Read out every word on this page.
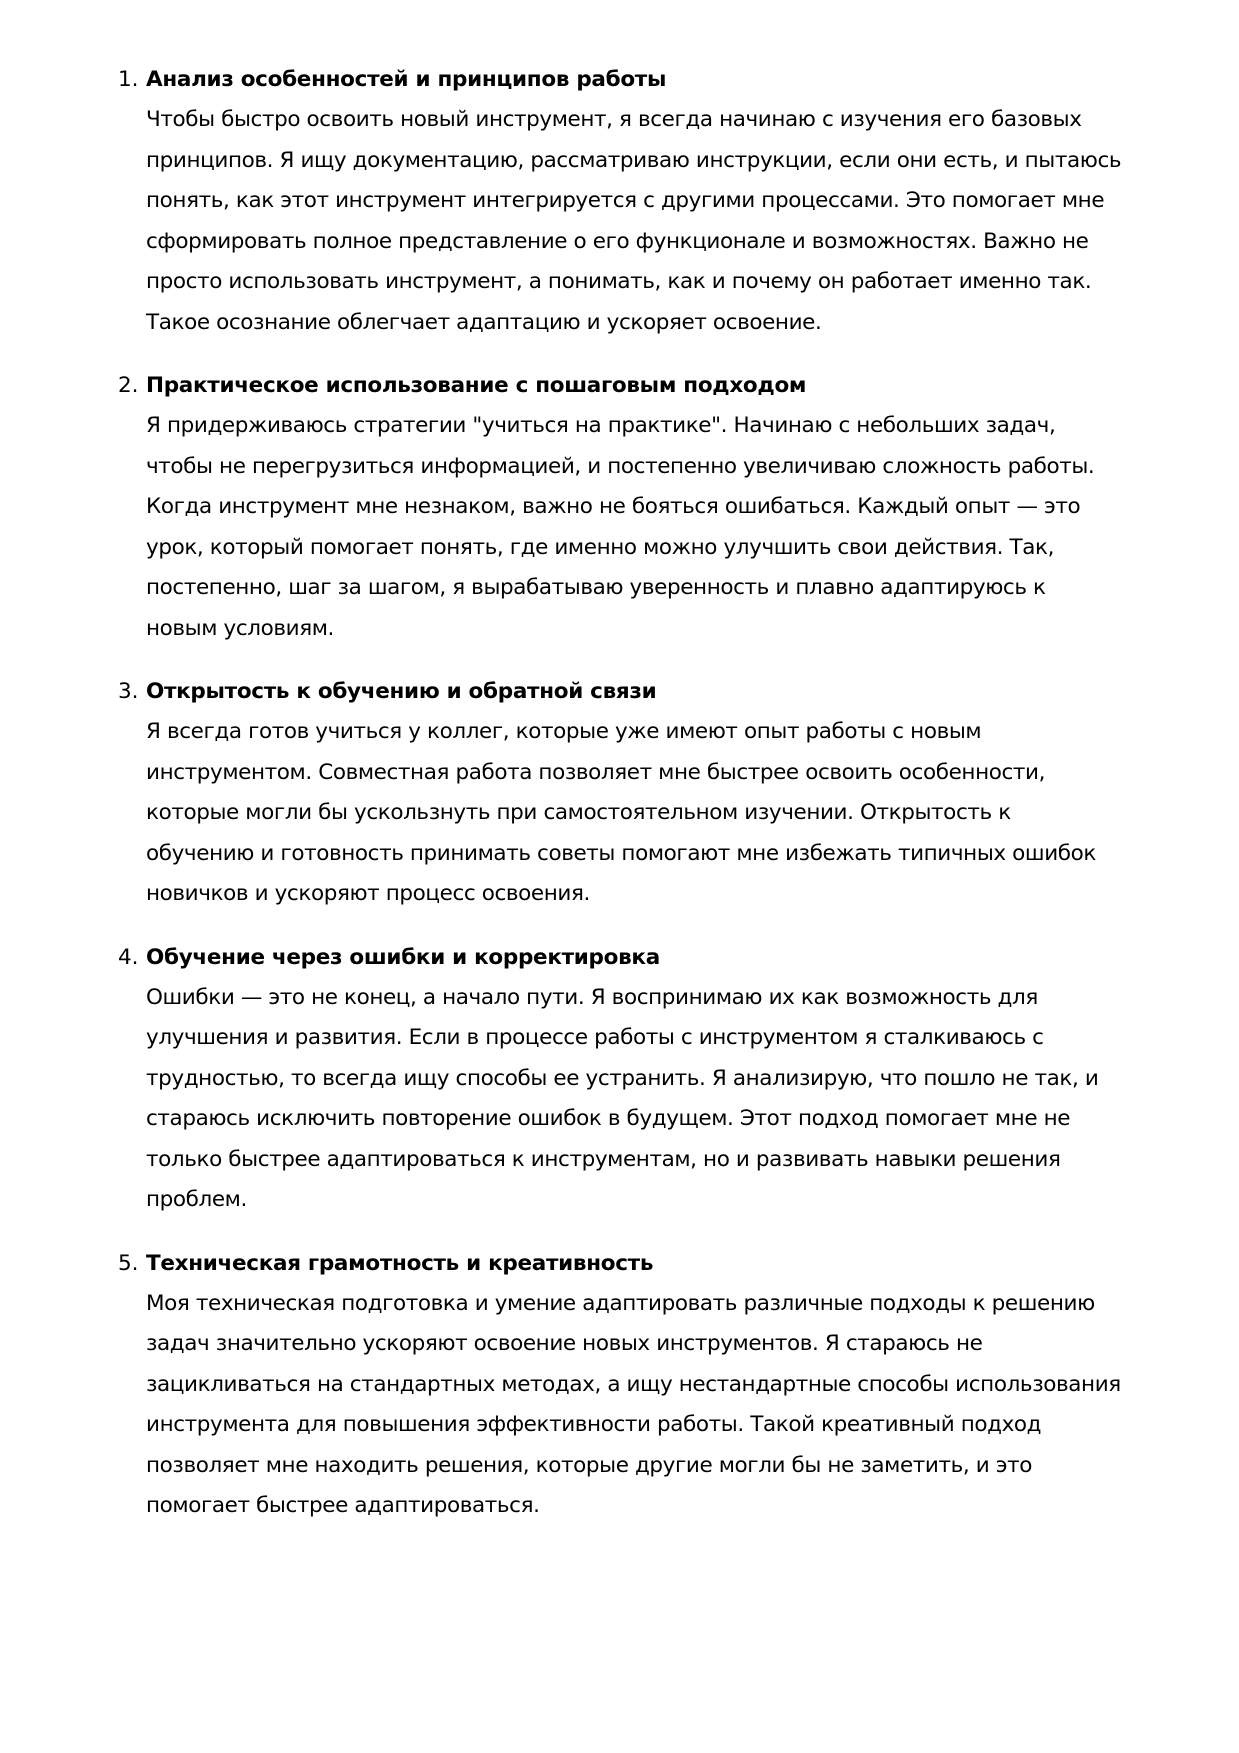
1. Анализ особенностей и принципов работы

Чтобы быстро освоить новый инструмент, я всегда начинаю с изучения его базовых
принципов. Я ищу документацию, рассматриваю инструкции, если они есть, и пытаюсь
понять, как этот инструмент интегрируется с другими процессами. Это помогает мне
сформировать полное представление о его функционале и возможностях. Важно не
просто использовать инструмент, а понимать, как и почему он работает именно так.
Такое осознание облегчает адаптацию и ускоряет освоение.

2. Практическое использование с пошаговым подходом

Я придерживаюсь стратегии "учиться на практике". Начинаю с небольших задач,
чтобы не перегрузиться информацией, и постепенно увеличиваю сложность работы.
Когда инструмент мне незнаком, важно не бояться ошибаться. Каждый опыт — это
урок, который помогает понять, где именно можно улучшить свои действия. Так,
постепенно, шаг за шагом, я вырабатываю уверенность и плавно адаптируюсь к
новым условиям.

3. Открытость к обучению и обратной связи

Я всегда готов учиться у коллег, которые уже имеют опыт работы с новым
инструментом. Совместная работа позволяет мне быстрее освоить особенности,
которые могли бы ускользнуть при самостоятельном изучении. Открытость к
обучению и готовность принимать советы помогают мне избежать типичных ошибок
новичков и ускоряют процесс освоения.

4. Обучение через ошибки и корректировка

Ошибки — это не конец, а начало пути. Я воспринимаю их как возможность для
улучшения и развития. Если в процессе работы с инструментом я сталкиваюсь с
трудностью, то всегда ищу способы ее устранить. Я анализирую, что пошло не так, и
стараюсь исключить повторение ошибок в будущем. Этот подход помогает мне не
только быстрее адаптироваться к инструментам, но и развивать навыки решения
проблем.

5. Техническая грамотность и креативность

Моя техническая подготовка и умение адаптировать различные подходы к решению
задач значительно ускоряют освоение новых инструментов. Я стараюсь не
зацикливаться на стандартных методах, а ищу нестандартные способы использования
инструмента для повышения эффективности работы. Такой креативный подход
позволяет мне находить решения, которые другие могли бы не заметить, и это
помогает быстрее адаптироваться.
